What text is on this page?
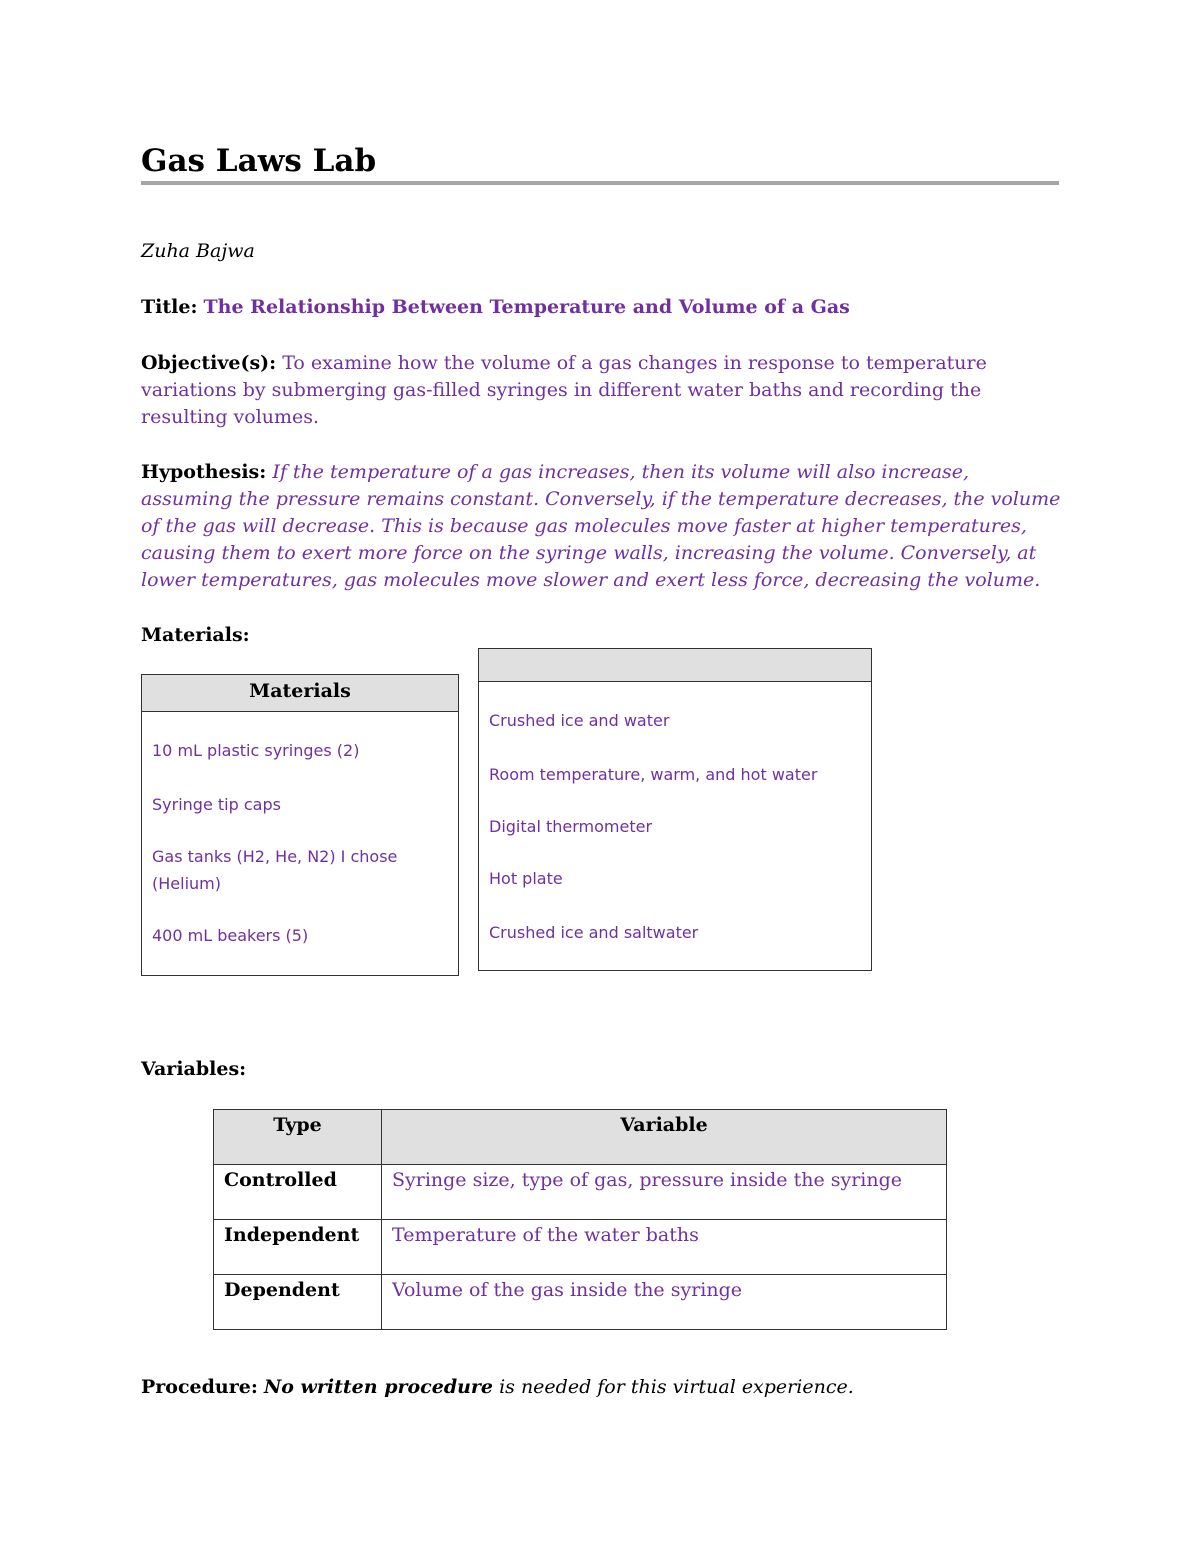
Gas Laws Lab
Zuha Bajwa
Title: The Relationship Between Temperature and Volume of a Gas
Objective(s): To examine how the volume of a gas changes in response to temperature variations by submerging gas-filled syringes in different water baths and recording the resulting volumes.
Hypothesis: If the temperature of a gas increases, then its volume will also increase, assuming the pressure remains constant. Conversely, if the temperature decreases, the volume of the gas will decrease. This is because gas molecules move faster at higher temperatures, causing them to exert more force on the syringe walls, increasing the volume. Conversely, at lower temperatures, gas molecules move slower and exert less force, decreasing the volume.
Materials:
Materials
10 mL plastic syringes (2)
Syringe tip caps
Gas tanks (H2, He, N2) I chose (Helium)
400 mL beakers (5)
Crushed ice and water
Room temperature, warm, and hot water
Digital thermometer
Hot plate
Crushed ice and saltwater
Variables:
Type	Variable
Controlled	Syringe size, type of gas, pressure inside the syringe
Independent	Temperature of the water baths
Dependent	Volume of the gas inside the syringe
Procedure: No written procedure is needed for this virtual experience.
